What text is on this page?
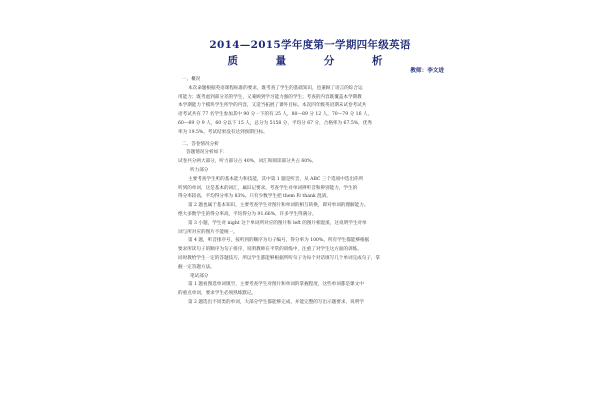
2014—2015学年度第一学期四年级英语
质 量 分 析
教师：李文进
一、概况
本次命题根据英语课程标准的要求，既考查了学生的基础知识，也兼顾了语言的综合运
用能力；既考虑到部分差的学生，又兼顾到学习能力强的学生；考查的内容既覆盖本学期教
本学期能力个模块学生所学的内容，又适当拓展了课外目标。本次四年级英语期末试卷考试共
语考试共有 77 名学生参加其中 90 分一下的有 25 人，80—89 分 12 人，70—79 分 16 人，
60—69 分 9 人，60 分以下 15 人，总分为 5158 分，平均分 67 分，合格率为 67.5%，优秀
率为 19.5%。考试结果没有达到预期目标。
二、答卷情况分析
答题情况分析如下：
试卷共分两大部分，听力部分占 40%，词汇和阅读部分共占 60%。
听力部分
主要考查学生听的基本能力和技能，其中第 1 题是听音，从 ABC 三个选项中选出你所
听到的单词，这是基本的词汇，属识记要求。考查学生对单词辨听音和辨别能力，学生的
得分率较高，平均得分率为 83%。只有少数学生把 them 和 thank 混淆。
第 2 题也属于基本知识，主要考查学生对图片和单词的相互转换，即对单词的理解能力。
绝大多数学生的得分率高，平均得分为 91.66%，许多学生得满分。
第 3 小题，学生对 night 这个单词所对应的图片和 left 的图片相混淆，这说明学生对单
词与所对应的图片不能统一。
第 4 题，听音排序号，按听到的顺序为句子编号，得分率为 100%。所有学生都能够根据
要求所读句子的顺序为句子排序，说明教师在平常的训练中，注重了对学生这方面的训练。
同时教给学生一定的答题技巧，所以学生都能够根据所听句子为每个对话填写几个单词完成句子，掌
握一定答题方法。
笔试部分
第 1 题看图选单词填空，主要考查学生对图片和单词的掌握程度，这些单词都是课文中
的重点单词，要求学生必须熟练默记。
第 2 题选出不同类的单词，大部分学生都能够完成，并能完整的写出示题要求，说明学
